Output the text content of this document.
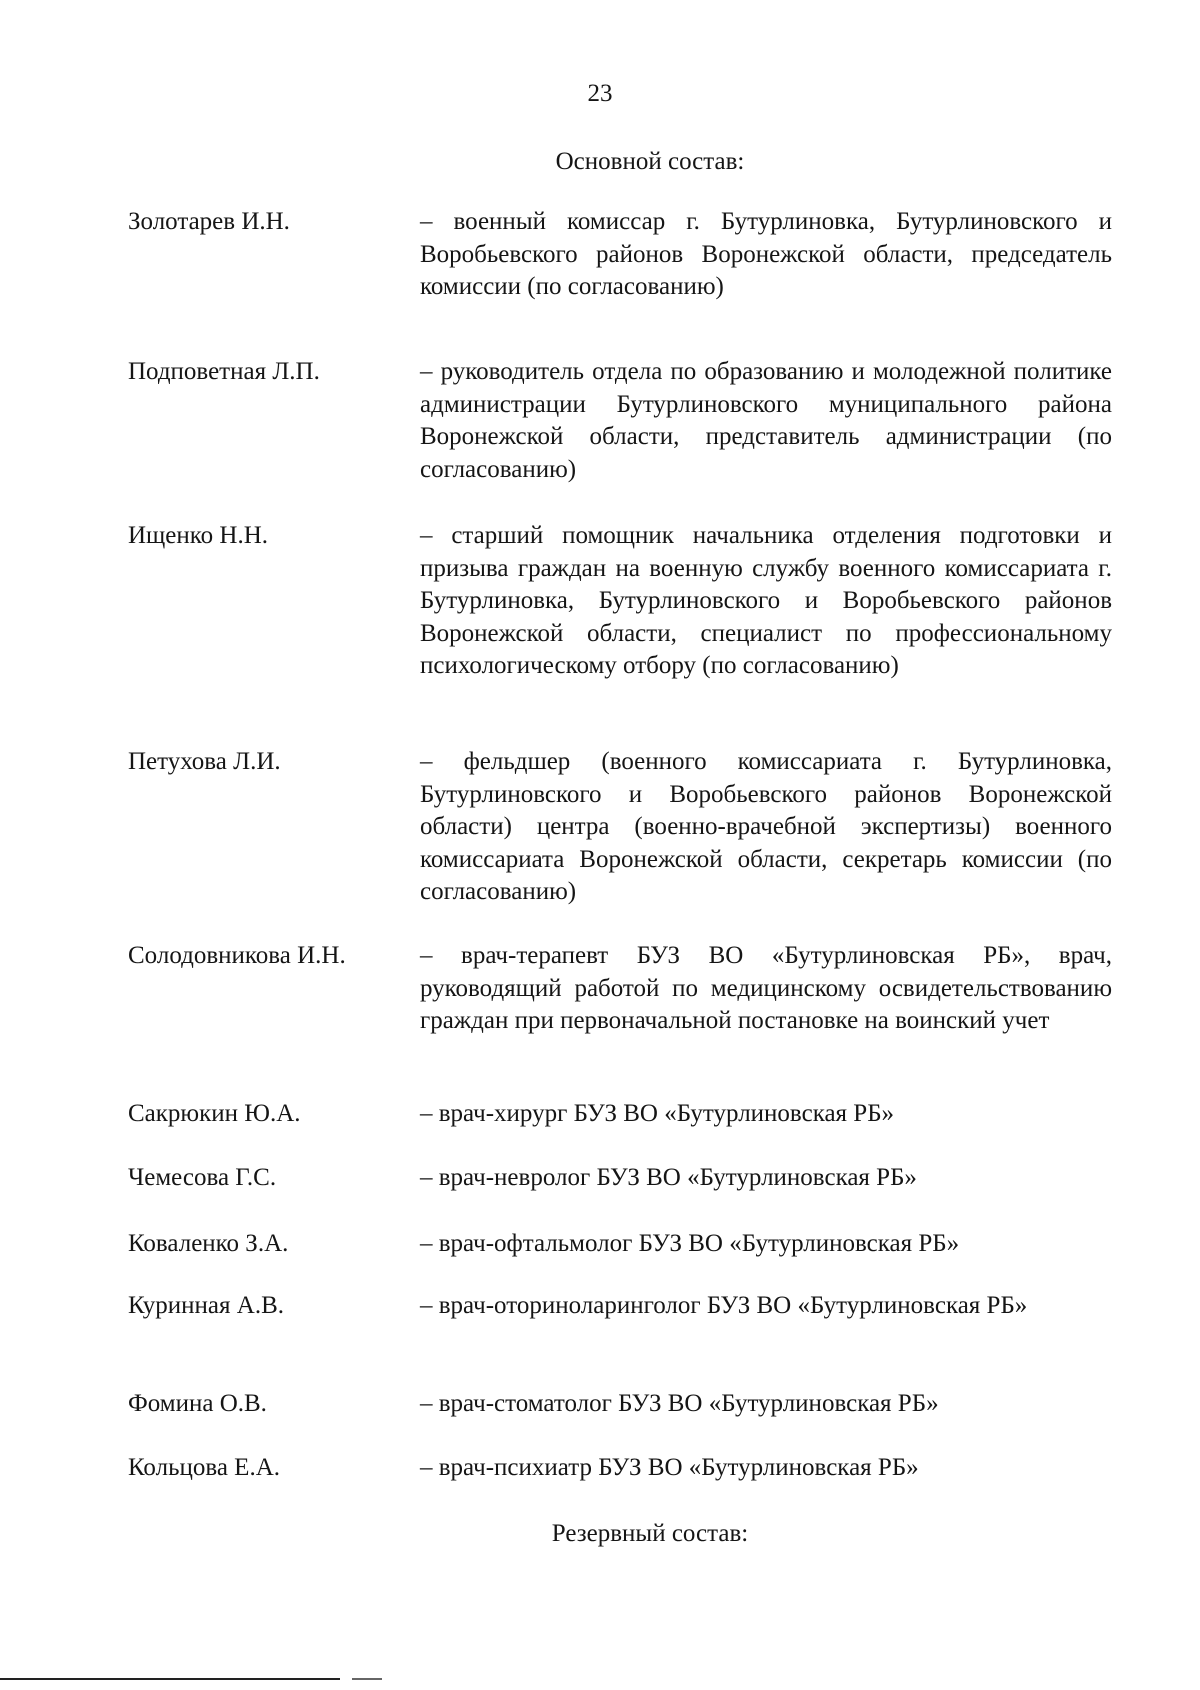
23
Основной состав:
Золотарев И.Н.	– военный комиссар г. Бутурлиновка, Бутурлиновского и Воробьевского районов Воронежской области, председатель комиссии (по согласованию)
Подповетная Л.П.	– руководитель отдела по образованию и молодежной политике администрации Бутурлиновского муниципального района Воронежской области, представитель администрации (по согласованию)
Ищенко Н.Н.	– старший помощник начальника отделения подготовки и призыва граждан на военную службу военного комиссариата г. Бутурлиновка, Бутурлиновского и Воробьевского районов Воронежской области, специалист по профессиональному психологическому отбору (по согласованию)
Петухова Л.И.	– фельдшер (военного комиссариата г. Бутурлиновка, Бутурлиновского и Воробьевского районов Воронежской области) центра (военно-врачебной экспертизы) военного комиссариата Воронежской области, секретарь комиссии (по согласованию)
Солодовникова И.Н.	– врач-терапевт БУЗ ВО «Бутурлиновская РБ», врач, руководящий работой по медицинскому освидетельствованию граждан при первоначальной постановке на воинский учет
Сакрюкин Ю.А.	– врач-хирург БУЗ ВО «Бутурлиновская РБ»
Чемесова Г.С.	– врач-невролог БУЗ ВО «Бутурлиновская РБ»
Коваленко З.А.	– врач-офтальмолог БУЗ ВО «Бутурлиновская РБ»
Куринная А.В.	– врач-оториноларинголог БУЗ ВО «Бутурлиновская РБ»
Фомина О.В.	– врач-стоматолог БУЗ ВО «Бутурлиновская РБ»
Кольцова Е.А.	– врач-психиатр БУЗ ВО «Бутурлиновская РБ»
Резервный состав:
